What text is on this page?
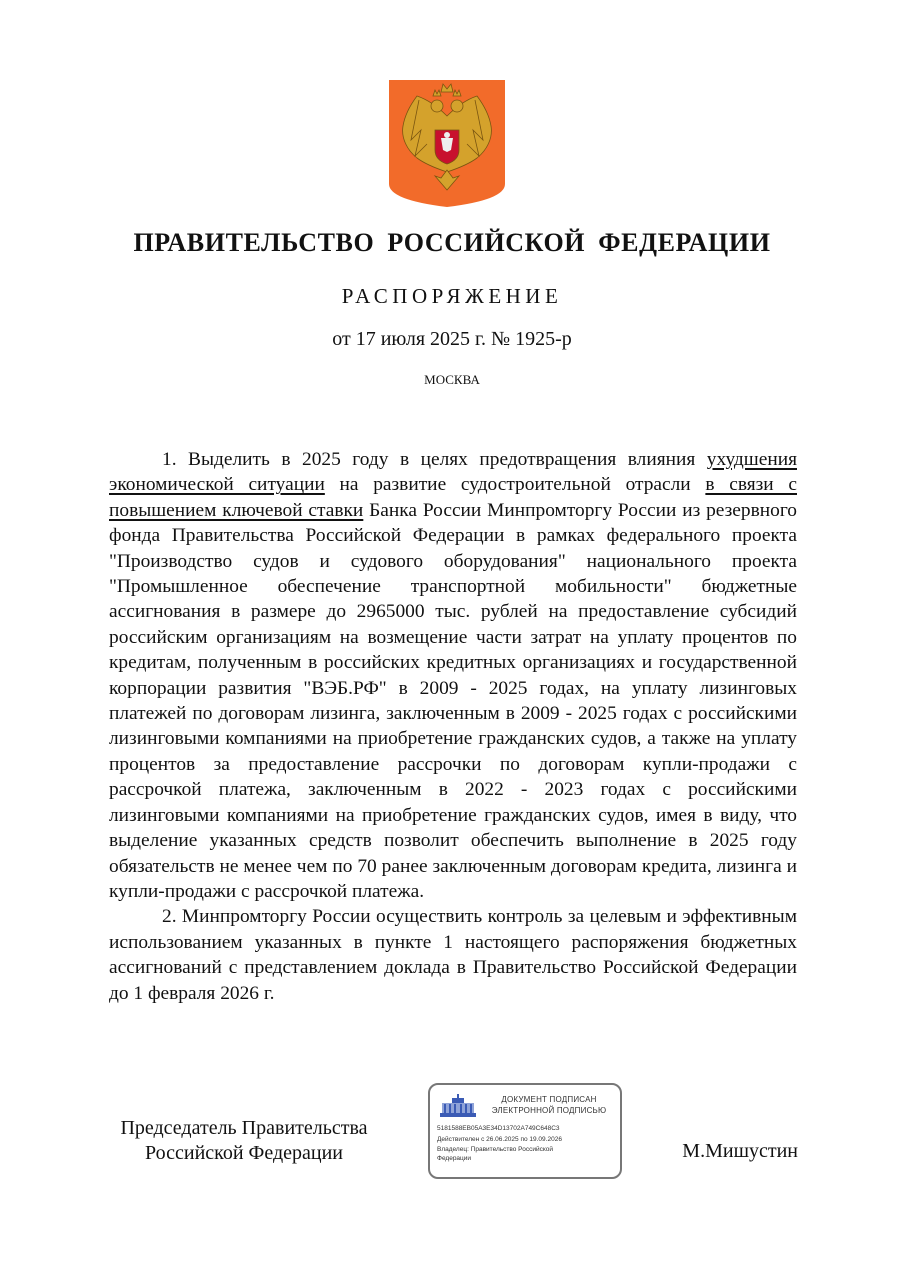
ПРАВИТЕЛЬСТВО РОССИЙСКОЙ ФЕДЕРАЦИИ
РАСПОРЯЖЕНИЕ
от 17 июля 2025 г. № 1925-р
МОСКВА

1. Выделить в 2025 году в целях предотвращения влияния ухудшения экономической ситуации на развитие судостроительной отрасли в связи с повышением ключевой ставки Банка России Минпромторгу России из резервного фонда Правительства Российской Федерации в рамках федерального проекта "Производство судов и судового оборудования" национального проекта "Промышленное обеспечение транспортной мобильности" бюджетные ассигнования в размере до 2965000 тыс. рублей на предоставление субсидий российским организациям на возмещение части затрат на уплату процентов по кредитам, полученным в российских кредитных организациях и государственной корпорации развития "ВЭБ.РФ" в 2009 - 2025 годах, на уплату лизинговых платежей по договорам лизинга, заключенным в 2009 - 2025 годах с российскими лизинговыми компаниями на приобретение гражданских судов, а также на уплату процентов за предоставление рассрочки по договорам купли-продажи с рассрочкой платежа, заключенным в 2022 - 2023 годах с российскими лизинговыми компаниями на приобретение гражданских судов, имея в виду, что выделение указанных средств позволит обеспечить выполнение в 2025 году обязательств не менее чем по 70 ранее заключенным договорам кредита, лизинга и купли-продажи с рассрочкой платежа.

2. Минпромторгу России осуществить контроль за целевым и эффективным использованием указанных в пункте 1 настоящего распоряжения бюджетных ассигнований с представлением доклада в Правительство Российской Федерации до 1 февраля 2026 г.

Председатель Правительства
Российской Федерации
ДОКУМЕНТ ПОДПИСАН
ЭЛЕКТРОННОЙ ПОДПИСЬЮ
5181588EB05A3E34D13702A749C648C3
Действителен с 26.06.2025 по 19.09.2026
Владелец: Правительство Российской
Федерации	М.Мишустин
